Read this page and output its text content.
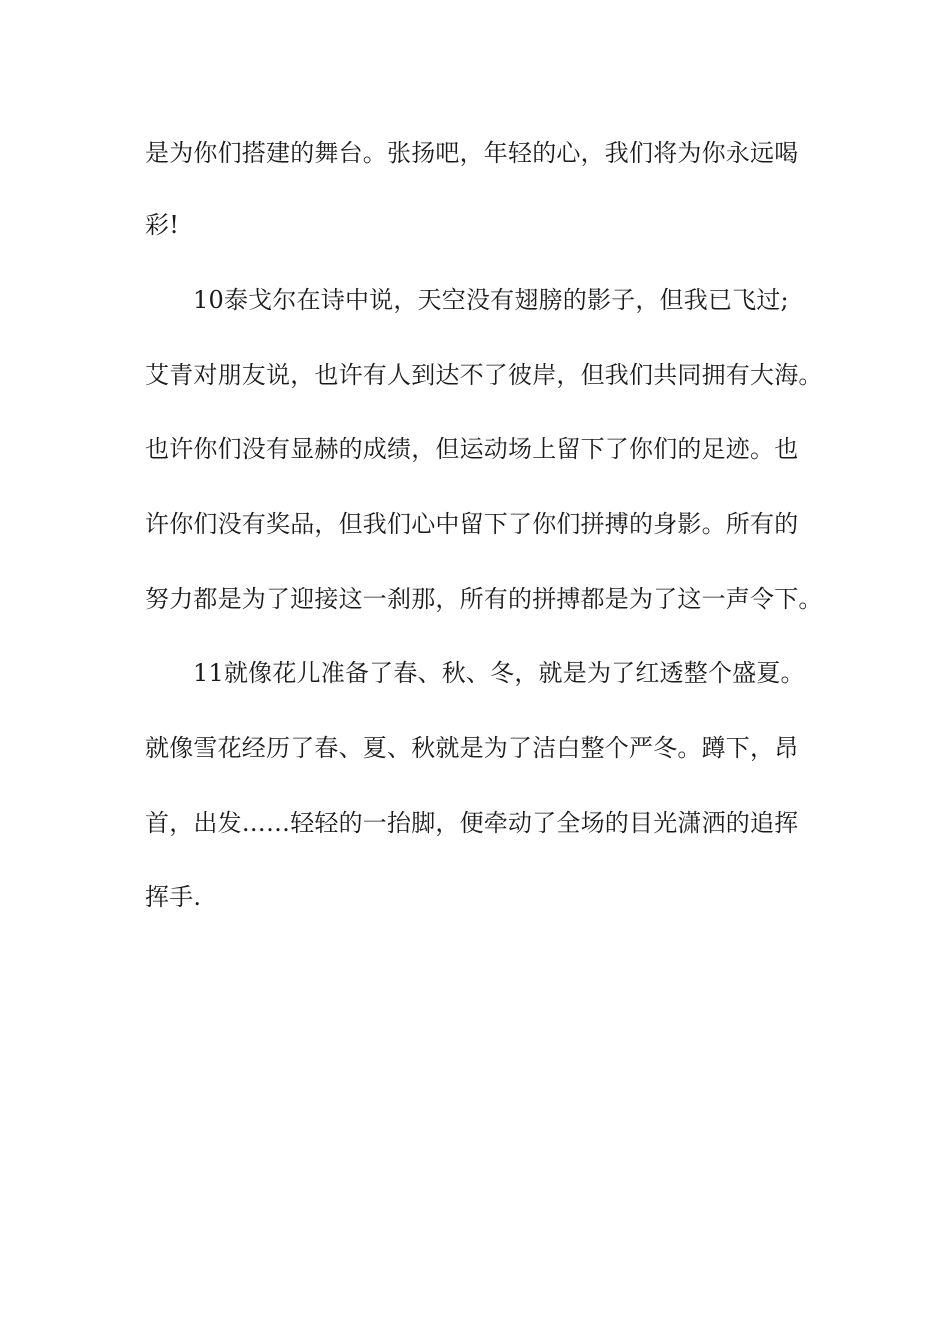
是为你们搭建的舞台。张扬吧，年轻的心，我们将为你永远喝
彩!
10泰戈尔在诗中说，天空没有翅膀的影子，但我已飞过;
艾青对朋友说，也许有人到达不了彼岸，但我们共同拥有大海。
也许你们没有显赫的成绩，但运动场上留下了你们的足迹。也
许你们没有奖品，但我们心中留下了你们拼搏的身影。所有的
努力都是为了迎接这一刹那，所有的拼搏都是为了这一声令下。
11就像花儿准备了春、秋、冬，就是为了红透整个盛夏。
就像雪花经历了春、夏、秋就是为了洁白整个严冬。蹲下，昂
首，出发……轻轻的一抬脚，便牵动了全场的目光潇洒的追挥
挥手.
